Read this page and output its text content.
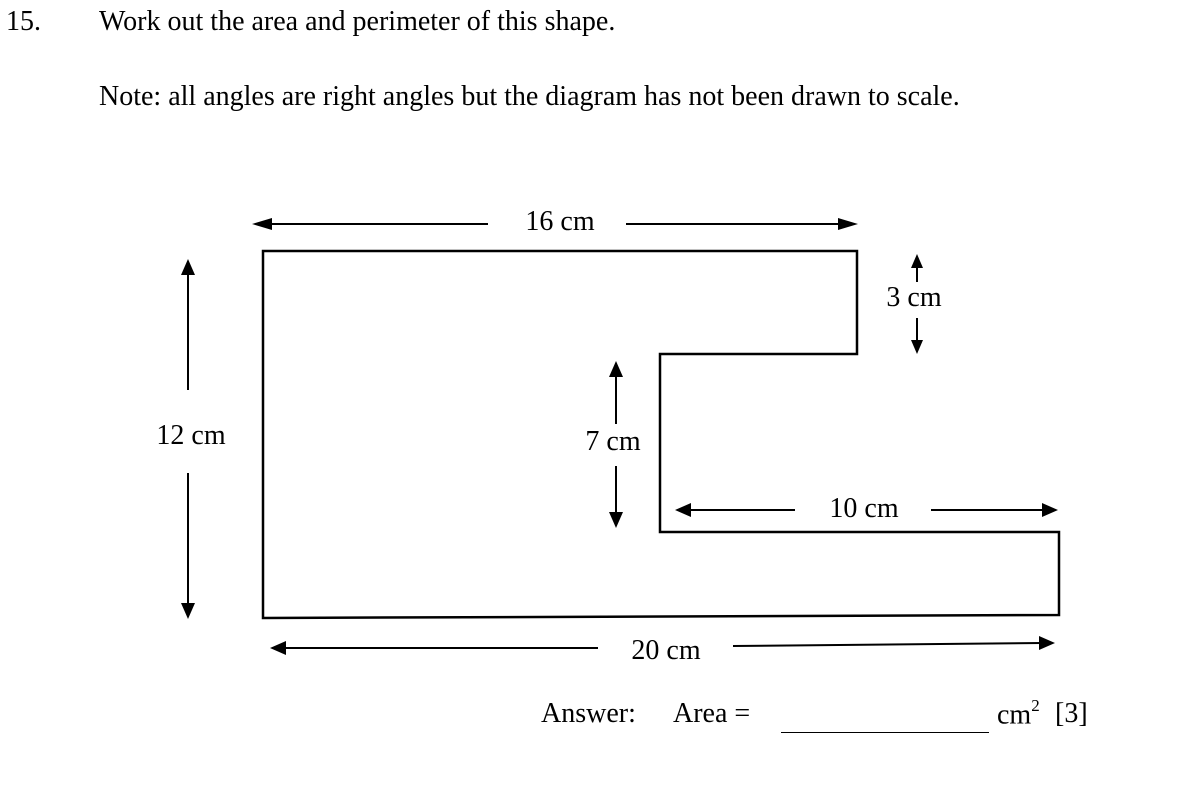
15. Work out the area and perimeter of this shape.
Note: all angles are right angles but the diagram has not been drawn to scale.
16 cm
3 cm
12 cm	7 cm
10 cm
20 cm
Answer: Area =	$cm^2$ [3]
